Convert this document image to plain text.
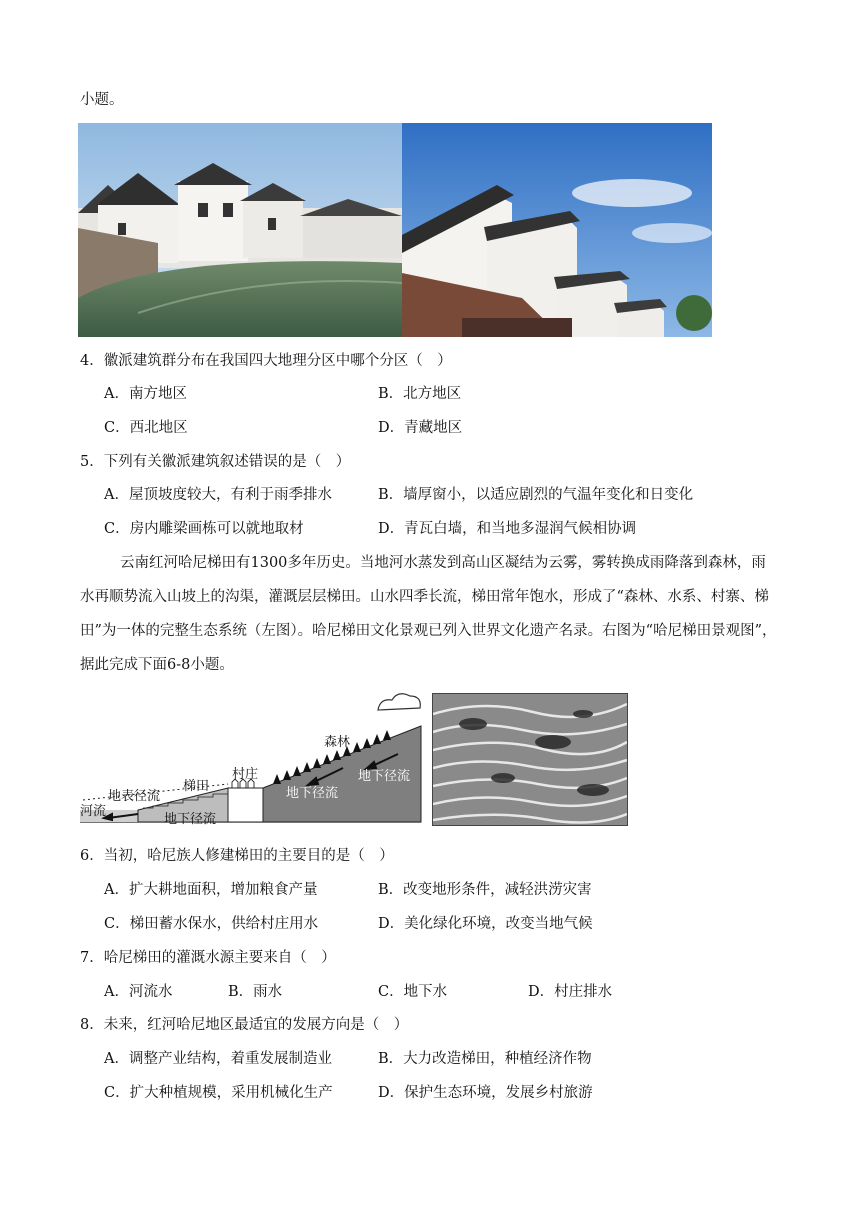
小题。
4．徽派建筑群分布在我国四大地理分区中哪个分区（　）
A．南方地区	B．北方地区
C．西北地区	D．青藏地区
5．下列有关徽派建筑叙述错误的是（　）
A．屋顶坡度较大，有利于雨季排水	B．墙厚窗小，以适应剧烈的气温年变化和日变化
C．房内雕梁画栋可以就地取材	D．青瓦白墙，和当地多湿润气候相协调
云南红河哈尼梯田有1300多年历史。当地河水蒸发到高山区凝结为云雾，雾转换成雨降落到森林，雨水再顺势流入山坡上的沟渠，灌溉层层梯田。山水四季长流，梯田常年饱水，形成了“森林、水系、村寨、梯田”为一体的完整生态系统（左图）。哈尼梯田文化景观已列入世界文化遗产名录。右图为“哈尼梯田景观图”，据此完成下面6-8小题。
森林
村庄
梯田
地表径流
河流
地下径流
地下径流
地下径流
6．当初，哈尼族人修建梯田的主要目的是（　）
A．扩大耕地面积，增加粮食产量	B．改变地形条件，减轻洪涝灾害
C．梯田蓄水保水，供给村庄用水	D．美化绿化环境，改变当地气候
7．哈尼梯田的灌溉水源主要来自（　）
A．河流水	B．雨水	C．地下水	D．村庄排水
8．未来，红河哈尼地区最适宜的发展方向是（　）
A．调整产业结构，着重发展制造业	B．大力改造梯田，种植经济作物
C．扩大种植规模，采用机械化生产	D．保护生态环境，发展乡村旅游
